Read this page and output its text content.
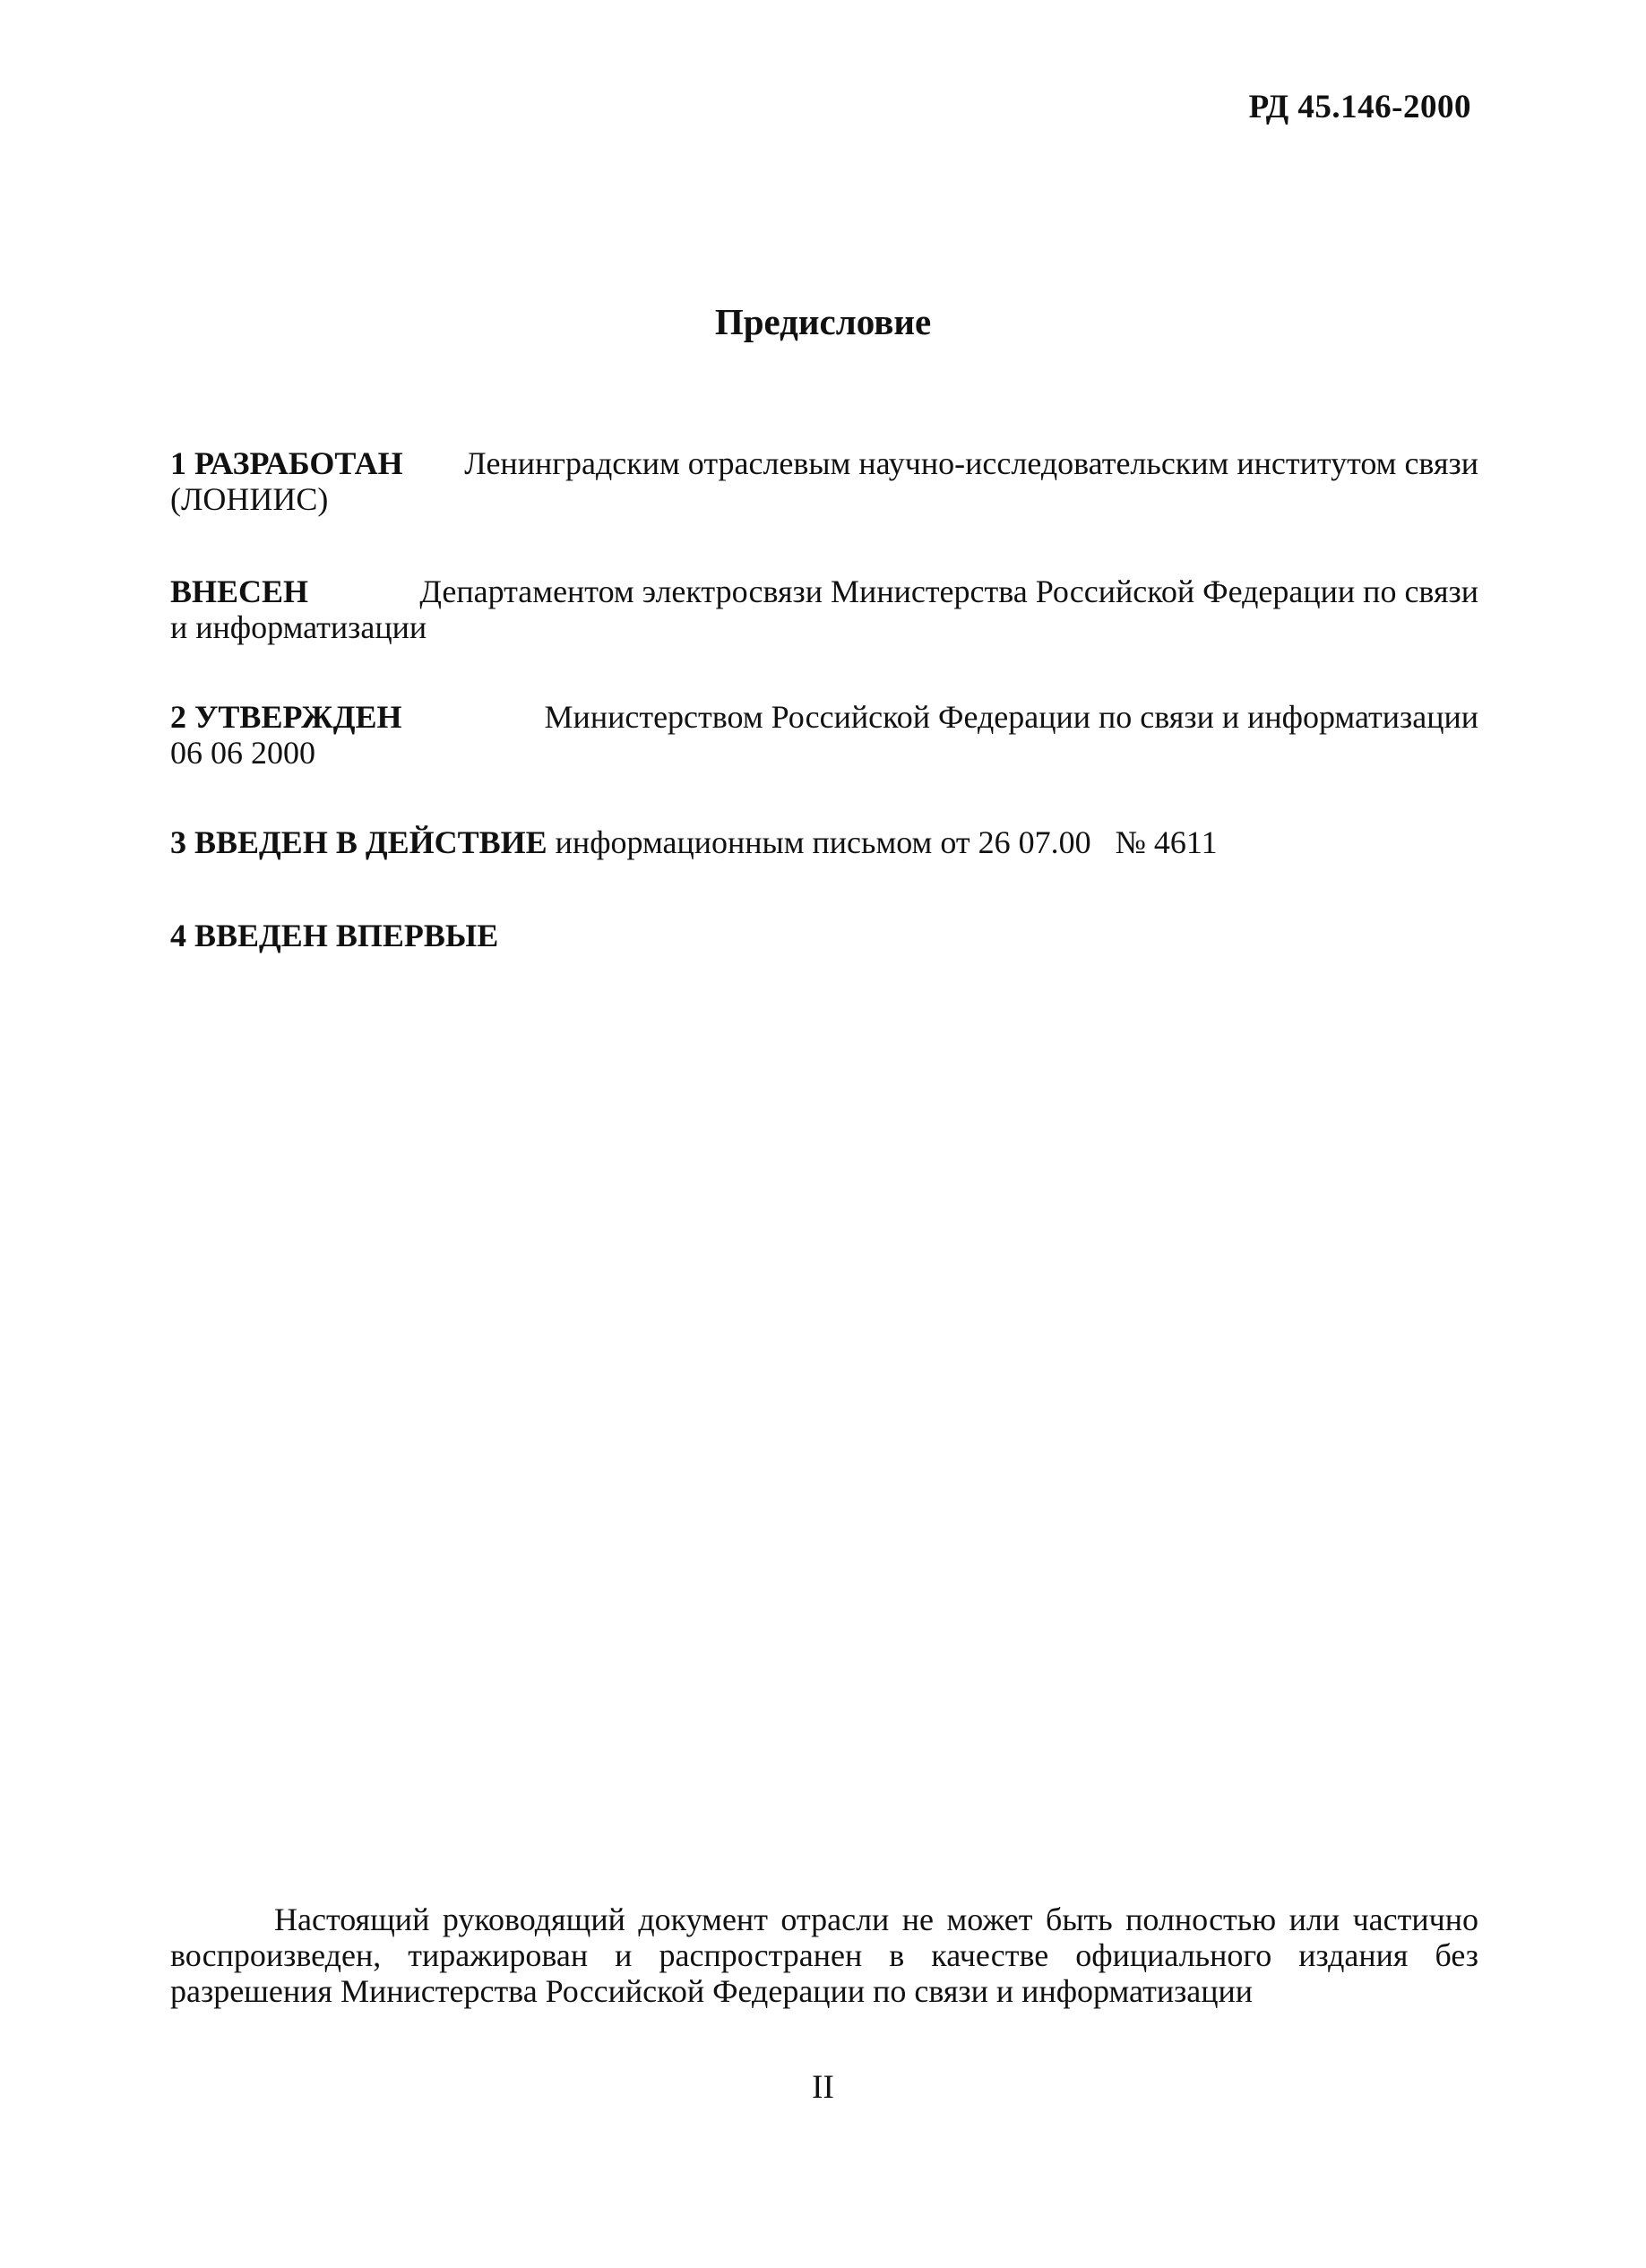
РД 45.146-2000
Предисловие
1 РАЗРАБОТАН Ленинградским отраслевым научно-исследовательским институтом связи
(ЛОНИИС)
ВНЕСЕН	Департаментом электросвязи Министерства Российской Федерации по связи
и информатизации
2 УТВЕРЖДЕН	Министерством Российской Федерации по связи и информатизации
06 06 2000
3 ВВЕДЕН В ДЕЙСТВИЕ информационным письмом от 26 07.00   № 4611
4 ВВЕДЕН ВПЕРВЫЕ
Настоящий руководящий документ отрасли не может быть полностью или частично воспроизведен, тиражирован и распространен в качестве официального издания без разрешения Министерства Российской Федерации по связи и информатизации
II
